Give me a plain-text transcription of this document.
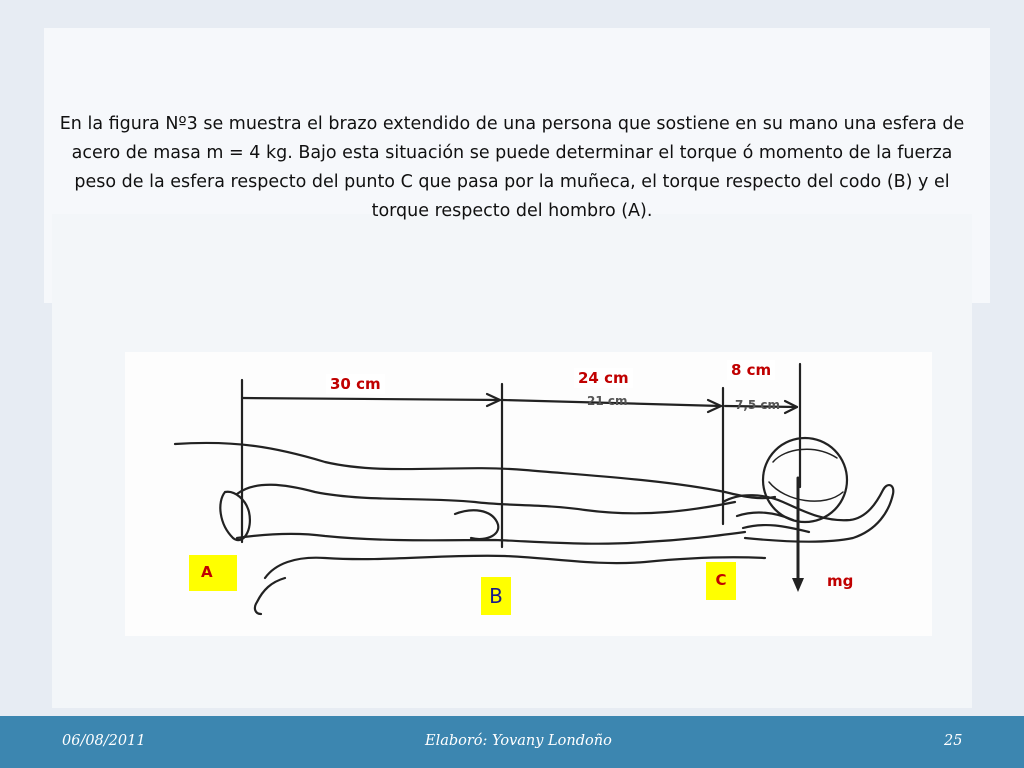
En la figura Nº3 se muestra el brazo extendido de una persona que sostiene en su mano una esfera de acero de masa m = 4 kg. Bajo esta situación se puede determinar el torque ó momento de la fuerza peso de la esfera respecto del punto C que pasa por la muñeca, el torque respecto del codo (B) y el torque respecto del hombro (A).

30 cm	24 cm	8 cm
21 cm	7,5 cm
A
B
C	mg
06/08/2011	Elaboró: Yovany Londoño	25
